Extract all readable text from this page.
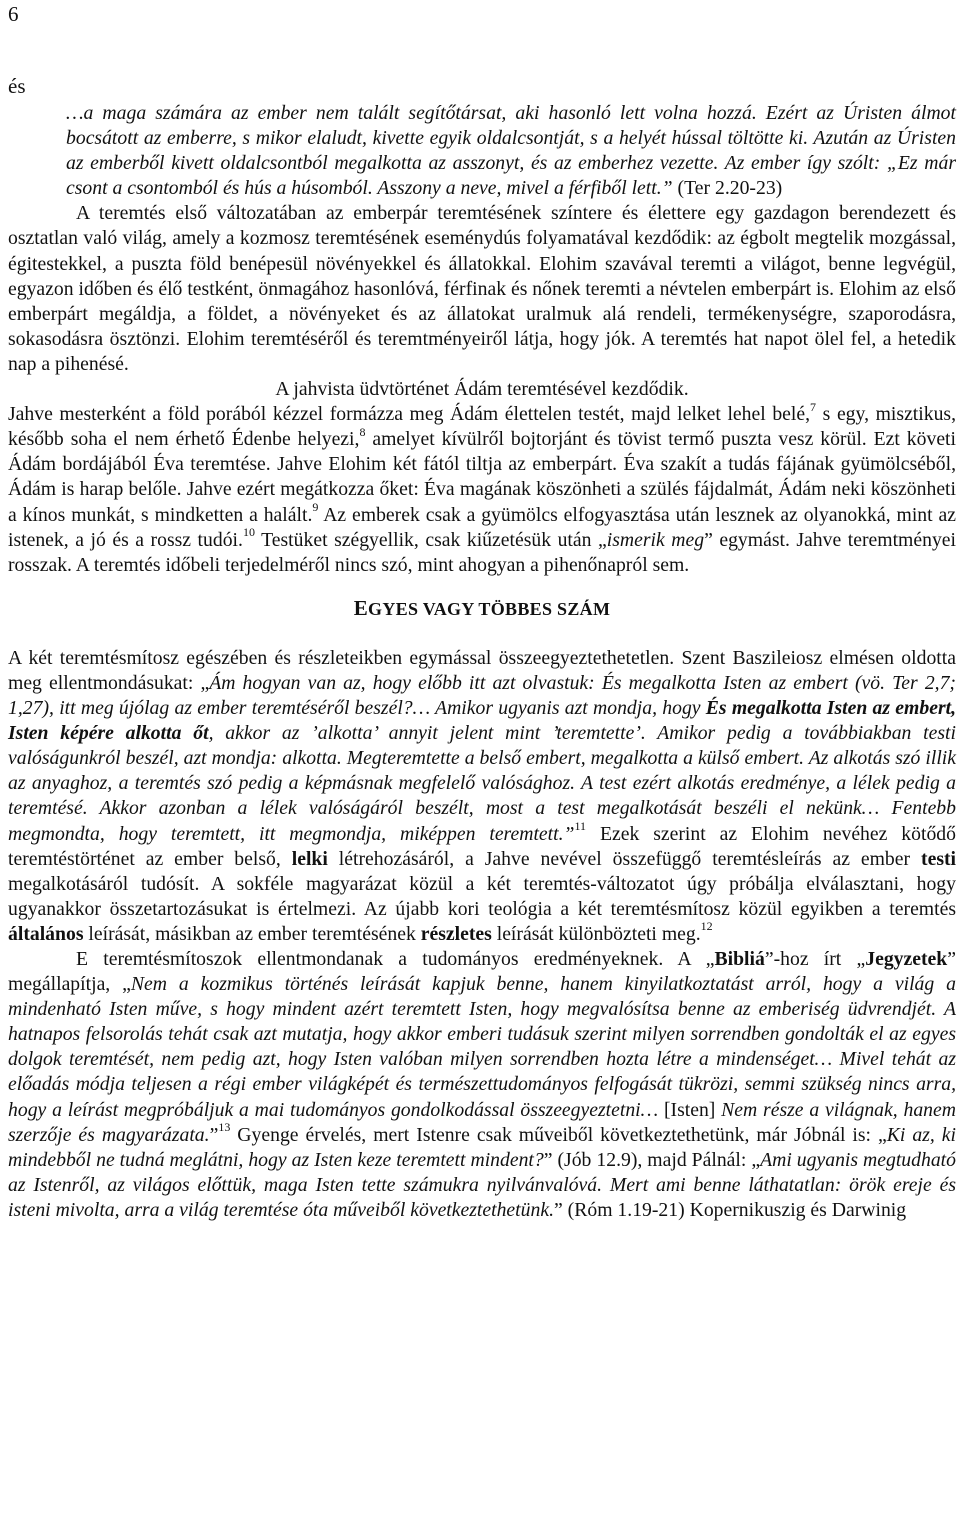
6
és

…a maga számára az ember nem talált segítőtársat, aki hasonló lett volna hozzá. Ezért az Úristen álmot bocsátott az emberre, s mikor elaludt, kivette egyik oldalcsontját, s a helyét hússal töltötte ki. Azután az Úristen az emberből kivett oldalcsontból megalkotta az asszonyt, és az emberhez vezette. Az ember így szólt: „Ez már csont a csontomból és hús a húsomból. Asszony a neve, mivel a férfiből lett.” (Ter 2.20-23)

A teremtés első változatában az emberpár teremtésének színtere és élettere egy gazdagon berendezett és osztatlan való világ, amely a kozmosz teremtésének eseménydús folyamatával kezdődik: az égbolt megtelik mozgással, égitestekkel, a puszta föld benépesül növényekkel és állatokkal. Elohim szavával teremti a világot, benne legvégül, egyazon időben és élő testként, önmagához hasonlóvá, férfinak és nőnek teremti a névtelen emberpárt is. Elohim az első emberpárt megáldja, a földet, a növényeket és az állatokat uralmuk alá rendeli, termékenységre, szaporodásra, sokasodásra ösztönzi. Elohim teremtéséről és teremtményeiről látja, hogy jók. A teremtés hat napot ölel fel, a hetedik nap a pihenésé.

A jahvista üdvtörténet Ádám teremtésével kezdődik.

Jahve mesterként a föld porából kézzel formázza meg Ádám élettelen testét, majd lelket lehel belé,$^7$ s egy, misztikus, később soha el nem érhető Édenbe helyezi,$^8$ amelyet kívülről bojtorjánt és tövist termő puszta vesz körül. Ezt követi Ádám bordájából Éva teremtése. Jahve Elohim két fától tiltja az emberpárt. Éva szakít a tudás fájának gyümölcséből, Ádám is harap belőle. Jahve ezért megátkozza őket: Éva magának köszönheti a szülés fájdalmát, Ádám neki köszönheti a kínos munkát, s mindketten a halált.$^9$ Az emberek csak a gyümölcs elfogyasztása után lesznek az olyanokká, mint az istenek, a jó és a rossz tudói.$^{10}$ Testüket szégyellik, csak kiűzetésük után „ismerik meg” egymást. Jahve teremtményei rosszak. A teremtés időbeli terjedelméről nincs szó, mint ahogyan a pihenőnapról sem.

EGYES VAGY TÖBBES SZÁM

A két teremtésmítosz egészében és részleteikben egymással összeegyeztethetetlen. Szent Baszileiosz elmésen oldotta meg ellentmondásukat: „Ám hogyan van az, hogy előbb itt azt olvastuk: És megalkotta Isten az embert (vö. Ter 2,7; 1,27), itt meg újólag az ember teremtéséről beszél?… Amikor ugyanis azt mondja, hogy És megalkotta Isten az embert, Isten képére alkotta őt, akkor az ’alkotta’ annyit jelent mint ’teremtette’. Amikor pedig a továbbiakban testi valóságunkról beszél, azt mondja: alkotta. Megteremtette a belső embert, megalkotta a külső embert. Az alkotás szó illik az anyaghoz, a teremtés szó pedig a képmásnak megfelelő valósághoz. A test ezért alkotás eredménye, a lélek pedig a teremtésé. Akkor azonban a lélek valóságáról beszélt, most a test megalkotását beszéli el nekünk… Fentebb megmondta, hogy teremtett, itt megmondja, miképpen teremtett.”$^{11}$ Ezek szerint az Elohim nevéhez kötődő teremtéstörténet az ember belső, lelki létrehozásáról, a Jahve nevével összefüggő teremtésleírás az ember testi megalkotásáról tudósít. A sokféle magyarázat közül a két teremtés-változatot úgy próbálja elválasztani, hogy ugyanakkor összetartozásukat is értelmezi. Az újabb kori teológia a két teremtésmítosz közül egyikben a teremtés általános leírását, másikban az ember teremtésének részletes leírását különbözteti meg.$^{12}$

E teremtésmítoszok ellentmondanak a tudományos eredményeknek. A „Bibliá”-hoz írt „Jegyzetek” megállapítja, „Nem a kozmikus történés leírását kapjuk benne, hanem kinyilatkoztatást arról, hogy a világ a mindenható Isten műve, s hogy mindent azért teremtett Isten, hogy megvalósítsa benne az emberiség üdvrendjét. A hatnapos felsorolás tehát csak azt mutatja, hogy akkor emberi tudásuk szerint milyen sorrendben gondolták el az egyes dolgok teremtését, nem pedig azt, hogy Isten valóban milyen sorrendben hozta létre a mindenséget… Mivel tehát az előadás módja teljesen a régi ember világképét és természettudományos felfogását tükrözi, semmi szükség nincs arra, hogy a leírást megpróbáljuk a mai tudományos gondolkodással összeegyeztetni… [Isten] Nem része a világnak, hanem szerzője és magyarázata.”$^{13}$ Gyenge érvelés, mert Istenre csak műveiből következtethetünk, már Jóbnál is: „Ki az, ki mindebből ne tudná meglátni, hogy az Isten keze teremtett mindent?” (Jób 12.9), majd Pálnál: „Ami ugyanis megtudható az Istenről, az világos előttük, maga Isten tette számukra nyilvánvalóvá. Mert ami benne láthatatlan: örök ereje és isteni mivolta, arra a világ teremtése óta műveiből következtethetünk.” (Róm 1.19-21) Kopernikuszig és Darwinig
